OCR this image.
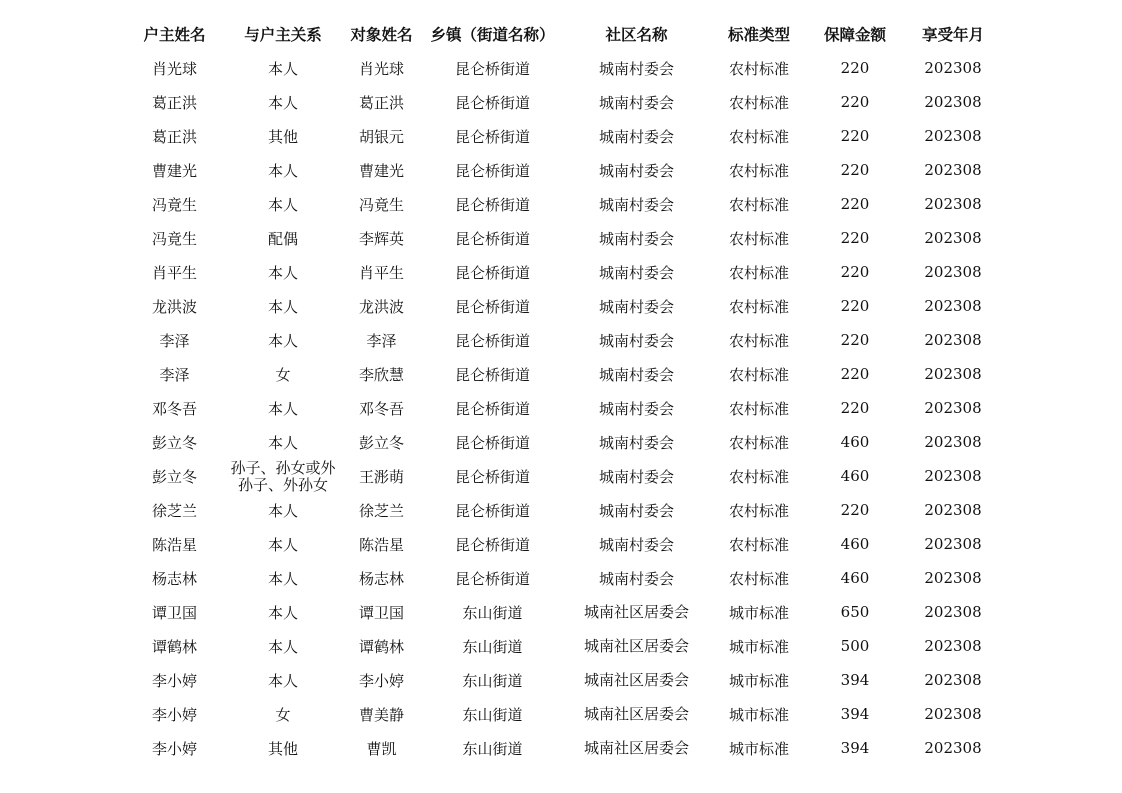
户主姓名	与户主关系	对象姓名	乡镇（街道名称）	社区名称	标准类型	保障金额	享受年月
肖光球	本人	肖光球	昆仑桥街道	城南村委会	农村标准	220	202308
葛正洪	本人	葛正洪	昆仑桥街道	城南村委会	农村标准	220	202308
葛正洪	其他	胡银元	昆仑桥街道	城南村委会	农村标准	220	202308
曹建光	本人	曹建光	昆仑桥街道	城南村委会	农村标准	220	202308
冯竟生	本人	冯竟生	昆仑桥街道	城南村委会	农村标准	220	202308
冯竟生	配偶	李辉英	昆仑桥街道	城南村委会	农村标准	220	202308
肖平生	本人	肖平生	昆仑桥街道	城南村委会	农村标准	220	202308
龙洪波	本人	龙洪波	昆仑桥街道	城南村委会	农村标准	220	202308
李泽	本人	李泽	昆仑桥街道	城南村委会	农村标准	220	202308
李泽	女	李欣慧	昆仑桥街道	城南村委会	农村标准	220	202308
邓冬吾	本人	邓冬吾	昆仑桥街道	城南村委会	农村标准	220	202308
彭立冬	本人	彭立冬	昆仑桥街道	城南村委会	农村标准	460	202308
彭立冬	孙子、孙女或外孙子、外孙女	王浵萌	昆仑桥街道	城南村委会	农村标准	460	202308
徐芝兰	本人	徐芝兰	昆仑桥街道	城南村委会	农村标准	220	202308
陈浩星	本人	陈浩星	昆仑桥街道	城南村委会	农村标准	460	202308
杨志林	本人	杨志林	昆仑桥街道	城南村委会	农村标准	460	202308
谭卫国	本人	谭卫国	东山街道	城南社区居委会	城市标准	650	202308
谭鹤林	本人	谭鹤林	东山街道	城南社区居委会	城市标准	500	202308
李小婷	本人	李小婷	东山街道	城南社区居委会	城市标准	394	202308
李小婷	女	曹美静	东山街道	城南社区居委会	城市标准	394	202308
李小婷	其他	曹凯	东山街道	城南社区居委会	城市标准	394	202308
